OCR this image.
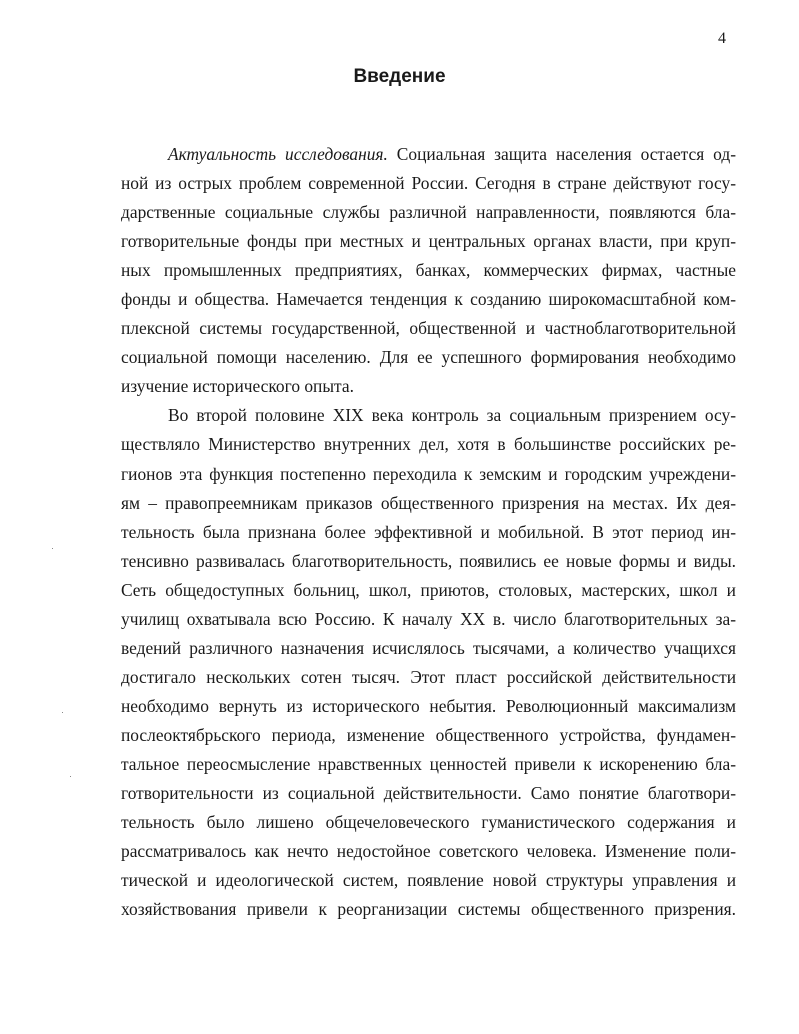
4
Введение
Актуальность исследования. Социальная защита населения остается од-
ной из острых проблем современной России. Сегодня в стране действуют госу-
дарственные социальные службы различной направленности, появляются бла-
готворительные фонды при местных и центральных органах власти, при круп-
ных промышленных предприятиях, банках, коммерческих фирмах, частные
фонды и общества. Намечается тенденция к созданию широкомасштабной ком-
плексной системы государственной, общественной и частноблаготворительной
социальной помощи населению. Для ее успешного формирования необходимо
изучение исторического опыта.
Во второй половине XIX века контроль за социальным призрением осу-
ществляло Министерство внутренних дел, хотя в большинстве российских ре-
гионов эта функция постепенно переходила к земским и городским учреждени-
ям – правопреемникам приказов общественного призрения на местах. Их дея-
тельность была признана более эффективной и мобильной. В этот период ин-
тенсивно развивалась благотворительность, появились ее новые формы и виды.
Сеть общедоступных больниц, школ, приютов, столовых, мастерских, школ и
училищ охватывала всю Россию. К началу XX в. число благотворительных за-
ведений различного назначения исчислялось тысячами, а количество учащихся
достигало нескольких сотен тысяч. Этот пласт российской действительности
необходимо вернуть из исторического небытия. Революционный максимализм
послеоктябрьского периода, изменение общественного устройства, фундамен-
тальное переосмысление нравственных ценностей привели к искоренению бла-
готворительности из социальной действительности. Само понятие благотвори-
тельность было лишено общечеловеческого гуманистического содержания и
рассматривалось как нечто недостойное советского человека. Изменение поли-
тической и идеологической систем, появление новой структуры управления и
хозяйствования привели к реорганизации системы общественного призрения.
